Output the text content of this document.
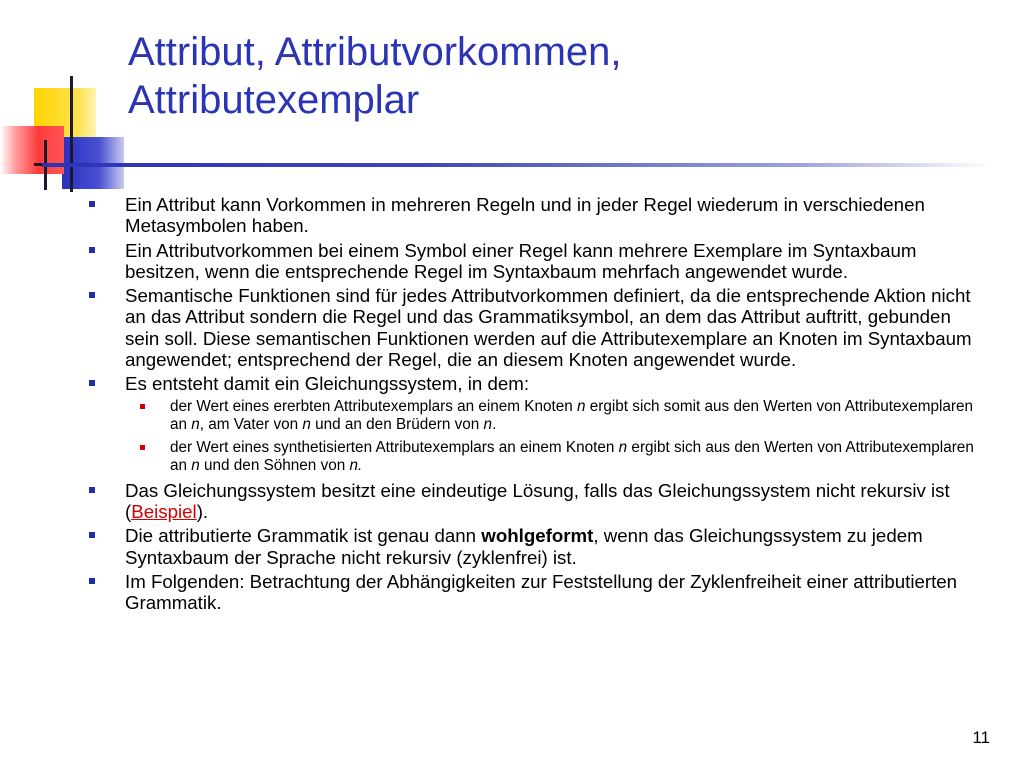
Attribut, Attributvorkommen,
Attributexemplar
Ein Attribut kann Vorkommen in mehreren Regeln und in jeder Regel wiederum in verschiedenen Metasymbolen haben.
Ein Attributvorkommen bei einem Symbol einer Regel kann mehrere Exemplare im Syntaxbaum besitzen, wenn die entsprechende Regel im Syntaxbaum mehrfach angewendet wurde.
Semantische Funktionen sind für jedes Attributvorkommen definiert, da die entsprechende Aktion nicht an das Attribut sondern die Regel und das Grammatiksymbol, an dem das Attribut auftritt, gebunden sein soll. Diese semantischen Funktionen werden auf die Attributexemplare an Knoten im Syntaxbaum angewendet; entsprechend der Regel, die an diesem Knoten angewendet wurde.
Es entsteht damit ein Gleichungssystem, in dem:
der Wert eines ererbten Attributexemplars an einem Knoten n ergibt sich somit aus den Werten von Attributexemplaren an n, am Vater von n und an den Brüdern von n.
der Wert eines synthetisierten Attributexemplars an einem Knoten n ergibt sich aus den Werten von Attributexemplaren an n und den Söhnen von n.
Das Gleichungssystem besitzt eine eindeutige Lösung, falls das Gleichungssystem nicht rekursiv ist (Beispiel).
Die attributierte Grammatik ist genau dann wohlgeformt, wenn das Gleichungssystem zu jedem Syntaxbaum der Sprache nicht rekursiv (zyklenfrei) ist.
Im Folgenden: Betrachtung der Abhängigkeiten zur Feststellung der Zyklenfreiheit einer attributierten Grammatik.
11
